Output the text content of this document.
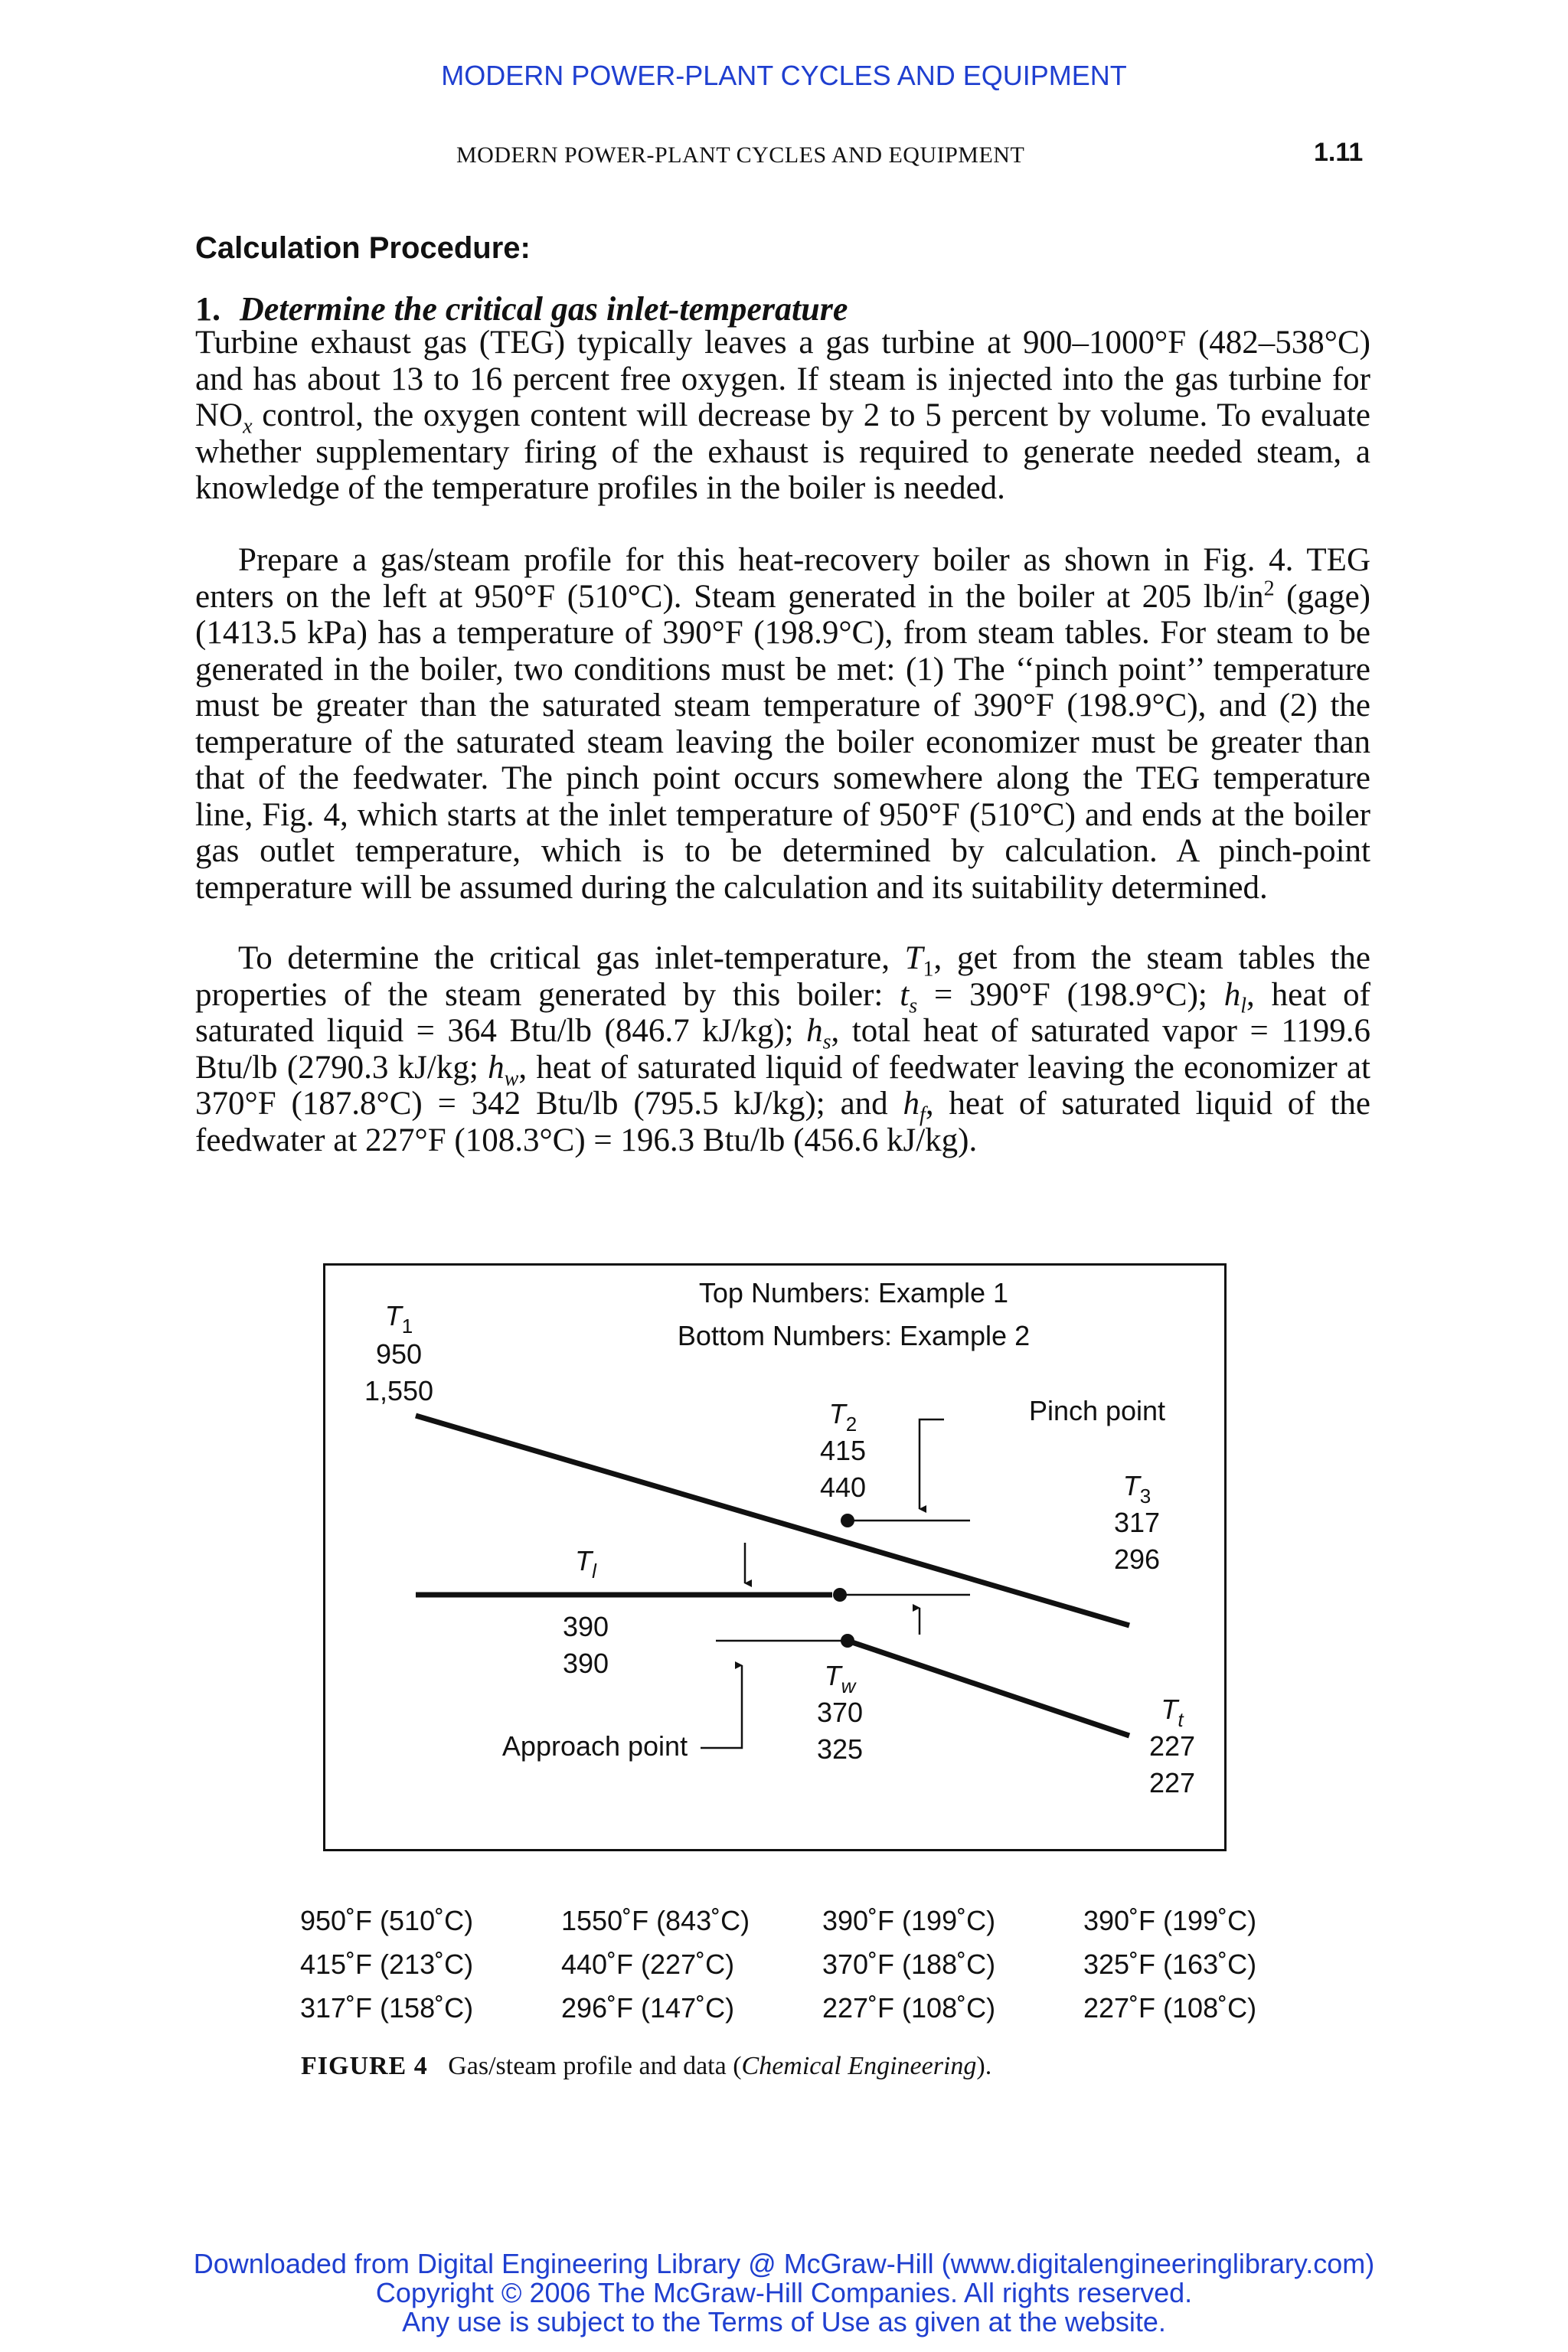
MODERN POWER-PLANT CYCLES AND EQUIPMENT
MODERN POWER-PLANT CYCLES AND EQUIPMENT	1.11
Calculation Procedure:
1. Determine the critical gas inlet-temperature
Turbine exhaust gas (TEG) typically leaves a gas turbine at 900–1000°F (482–538°C) and has about 13 to 16 percent free oxygen. If steam is injected into the gas turbine for $NO_x$ control, the oxygen content will decrease by 2 to 5 percent by volume. To evaluate whether supplementary firing of the exhaust is required to generate needed steam, a knowledge of the temperature profiles in the boiler is needed.
Prepare a gas/steam profile for this heat-recovery boiler as shown in Fig. 4. TEG enters on the left at 950°F (510°C). Steam generated in the boiler at 205 $lb/in^2$ (gage) (1413.5 kPa) has a temperature of 390°F (198.9°C), from steam tables. For steam to be generated in the boiler, two conditions must be met: (1) The ‘‘pinch point’’ temperature must be greater than the saturated steam temperature of 390°F (198.9°C), and (2) the temperature of the saturated steam leaving the boiler economizer must be greater than that of the feedwater. The pinch point occurs somewhere along the TEG temperature line, Fig. 4, which starts at the inlet temperature of 950°F (510°C) and ends at the boiler gas outlet temperature, which is to be determined by calculation. A pinch-point temperature will be assumed during the calculation and its suitability determined.
To determine the critical gas inlet-temperature, $T_1$, get from the steam tables the properties of the steam generated by this boiler: $t_s = 390^\circ F$ (198.9°C); $h_l$, heat of saturated liquid = 364 Btu/lb (846.7 kJ/kg); $h_s$, total heat of saturated vapor = 1199.6 Btu/lb (2790.3 kJ/kg; $h_w$, heat of saturated liquid of feedwater leaving the economizer at 370°F (187.8°C) = 342 Btu/lb (795.5 kJ/kg); and $h_f$, heat of saturated liquid of the feedwater at 227°F (108.3°C) = 196.3 Btu/lb (456.6 kJ/kg).
Top Numbers: Example 1
Bottom Numbers: Example 2
Pinch point
Approach point
$T_1$
950
1,550
$T_2$
415
440	$T_3$
317
296
$T_l$
390
390	$T_w$
370
325
$T_t$
227
227
950˚F (510˚C)	1550˚F (843˚C)	390˚F (199˚C)	390˚F (199˚C)
415˚F (213˚C)	440˚F (227˚C)	370˚F (188˚C)	325˚F (163˚C)
317˚F (158˚C)	296˚F (147˚C)	227˚F (108˚C)	227˚F (108˚C)
FIGURE 4 Gas/steam profile and data (Chemical Engineering).
Downloaded from Digital Engineering Library @ McGraw-Hill (www.digitalengineeringlibrary.com)
Copyright © 2006 The McGraw-Hill Companies. All rights reserved.
Any use is subject to the Terms of Use as given at the website.
